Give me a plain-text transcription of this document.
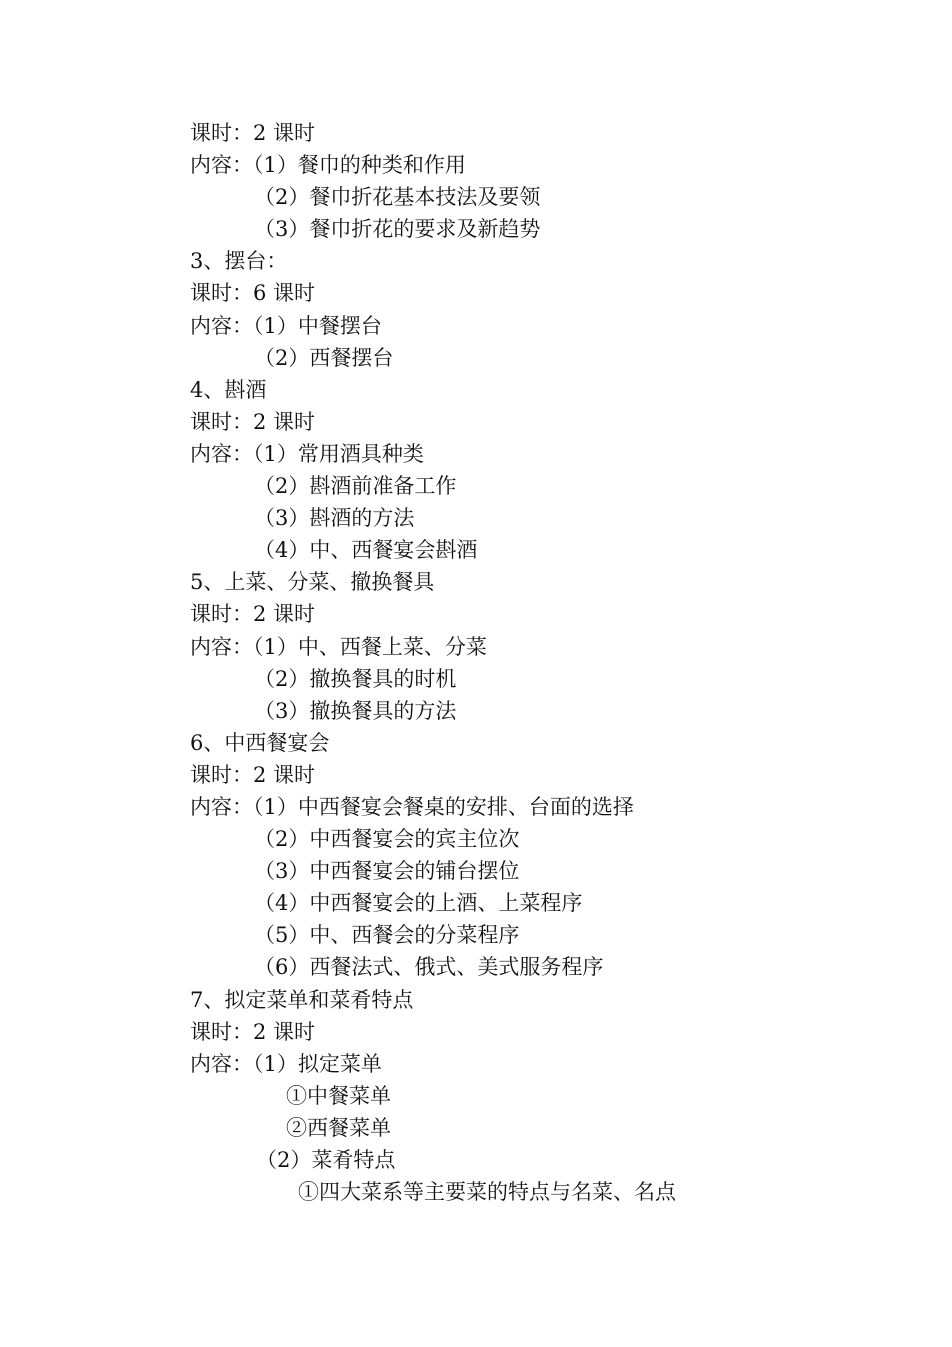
课时：2 课时
内容：（1）餐巾的种类和作用
（2）餐巾折花基本技法及要领
（3）餐巾折花的要求及新趋势
3、摆台：
课时：6 课时
内容：（1）中餐摆台
（2）西餐摆台
4、斟酒
课时：2 课时
内容：（1）常用酒具种类
（2）斟酒前准备工作
（3）斟酒的方法
（4）中、西餐宴会斟酒
5、上菜、分菜、撤换餐具
课时：2 课时
内容：（1）中、西餐上菜、分菜
（2）撤换餐具的时机
（3）撤换餐具的方法
6、中西餐宴会
课时：2 课时
内容：（1）中西餐宴会餐桌的安排、台面的选择
（2）中西餐宴会的宾主位次
（3）中西餐宴会的铺台摆位
（4）中西餐宴会的上酒、上菜程序
（5）中、西餐会的分菜程序
（6）西餐法式、俄式、美式服务程序
7、拟定菜单和菜肴特点
课时：2 课时
内容：（1）拟定菜单
①中餐菜单
②西餐菜单
（2）菜肴特点
①四大菜系等主要菜的特点与名菜、名点
